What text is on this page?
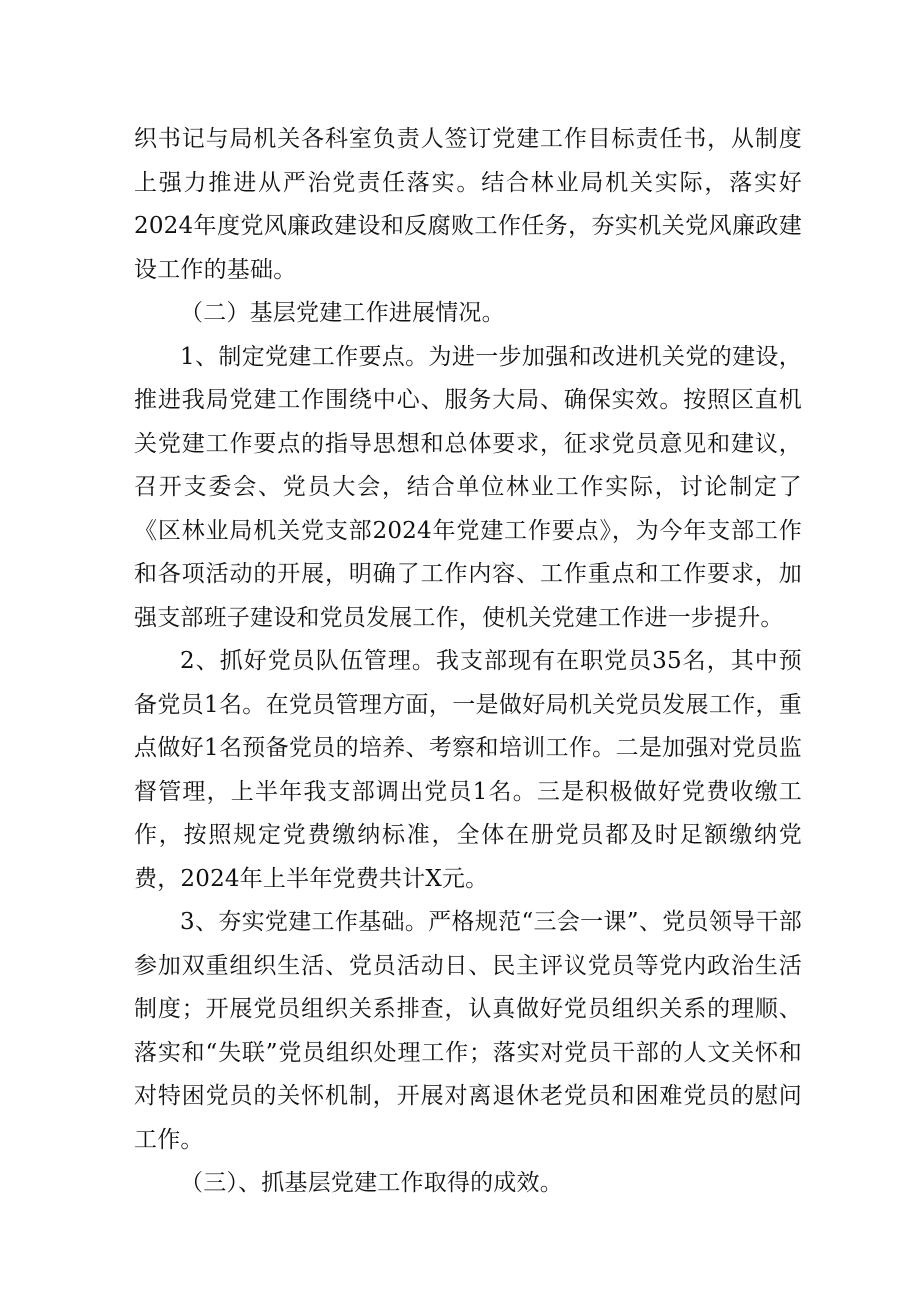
织书记与局机关各科室负责人签订党建工作目标责任书，从制度上强力推进从严治党责任落实。结合林业局机关实际，落实好2024年度党风廉政建设和反腐败工作任务，夯实机关党风廉政建设工作的基础。

（二）基层党建工作进展情况。

1、制定党建工作要点。为进一步加强和改进机关党的建设，推进我局党建工作围绕中心、服务大局、确保实效。按照区直机关党建工作要点的指导思想和总体要求，征求党员意见和建议，召开支委会、党员大会，结合单位林业工作实际，讨论制定了《区林业局机关党支部2024年党建工作要点》，为今年支部工作和各项活动的开展，明确了工作内容、工作重点和工作要求，加强支部班子建设和党员发展工作，使机关党建工作进一步提升。

2、抓好党员队伍管理。我支部现有在职党员35名，其中预备党员1名。在党员管理方面，一是做好局机关党员发展工作，重点做好1名预备党员的培养、考察和培训工作。二是加强对党员监督管理，上半年我支部调出党员1名。三是积极做好党费收缴工作，按照规定党费缴纳标准，全体在册党员都及时足额缴纳党费，2024年上半年党费共计X元。

3、夯实党建工作基础。严格规范“三会一课”、党员领导干部参加双重组织生活、党员活动日、民主评议党员等党内政治生活制度；开展党员组织关系排查，认真做好党员组织关系的理顺、落实和“失联”党员组织处理工作；落实对党员干部的人文关怀和对特困党员的关怀机制，开展对离退休老党员和困难党员的慰问工作。

（三）、抓基层党建工作取得的成效。
